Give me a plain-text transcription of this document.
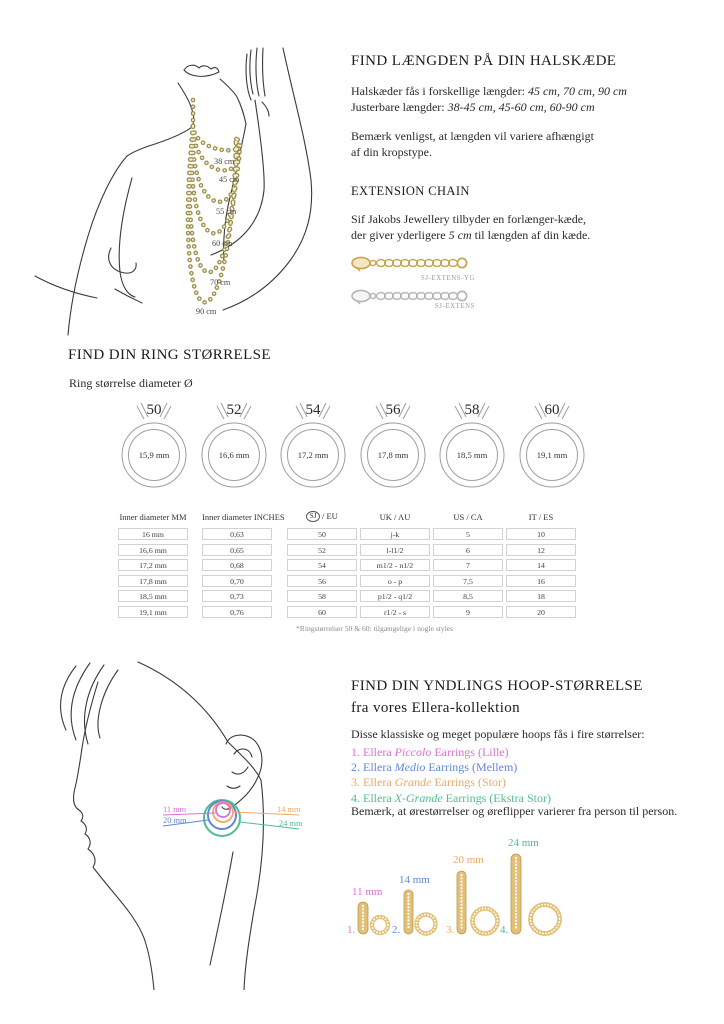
38 cm
45 cm
55 cm
60 cm
70 cm
90 cm
FIND LÆNGDEN PÅ DIN HALSKÆDE
Halskæder fås i forskellige længder: 45 cm, 70 cm, 90 cm
Justerbare længder: 38-45 cm, 45-60 cm, 60-90 cm
Bemærk venligst, at længden vil variere afhængigt
af din kropstype.
EXTENSION CHAIN
Sif Jakobs Jewellery tilbyder en forlænger-kæde,
der giver yderligere 5 cm til længden af din kæde.
SJ-EXTENS-YG
SJ-EXTENS
FIND DIN RING STØRRELSE
Ring størrelse diameter Ø
50
15,9 mm
52
16,6 mm
54
17,2 mm
56
17,8 mm
58
18,5 mm
60
19,1 mm
Inner diameter MM Inner diameter INCHES	SJ / EU	UK / AU	US / CA	IT / ES
16 mm	0,63	50	j-k	5	10
16,6 mm	0,65	52	l-l1/2	6	12
17,2 mm	0,68	54	m1/2 - n1/2	7	14
17,8 mm	0,70	56	o - p	7,5	16
18,5 mm	0,73	58	p1/2 - q1/2	8,5	18
19,1 mm	0,76	60	r1/2 - s	9	20
*Ringstørrelser 50 & 60: tilgængelige i nogle styles
11 mm
20 mm
14 mm
24 mm
FIND DIN YNDLINGS HOOP-STØRRELSE
fra vores Ellera-kollektion
Disse klassiske og meget populære hoops fås i fire størrelser:
1. Ellera Piccolo Earrings (Lille)
2. Ellera Medio Earrings (Mellem)
3. Ellera Grande Earrings (Stor)
4. Ellera X-Grande Earrings (Ekstra Stor)
Bemærk, at ørestørrelser og øreflipper varierer fra person til person.
11 mm
1.
14 mm
2.
20 mm
3.
24 mm
4.
